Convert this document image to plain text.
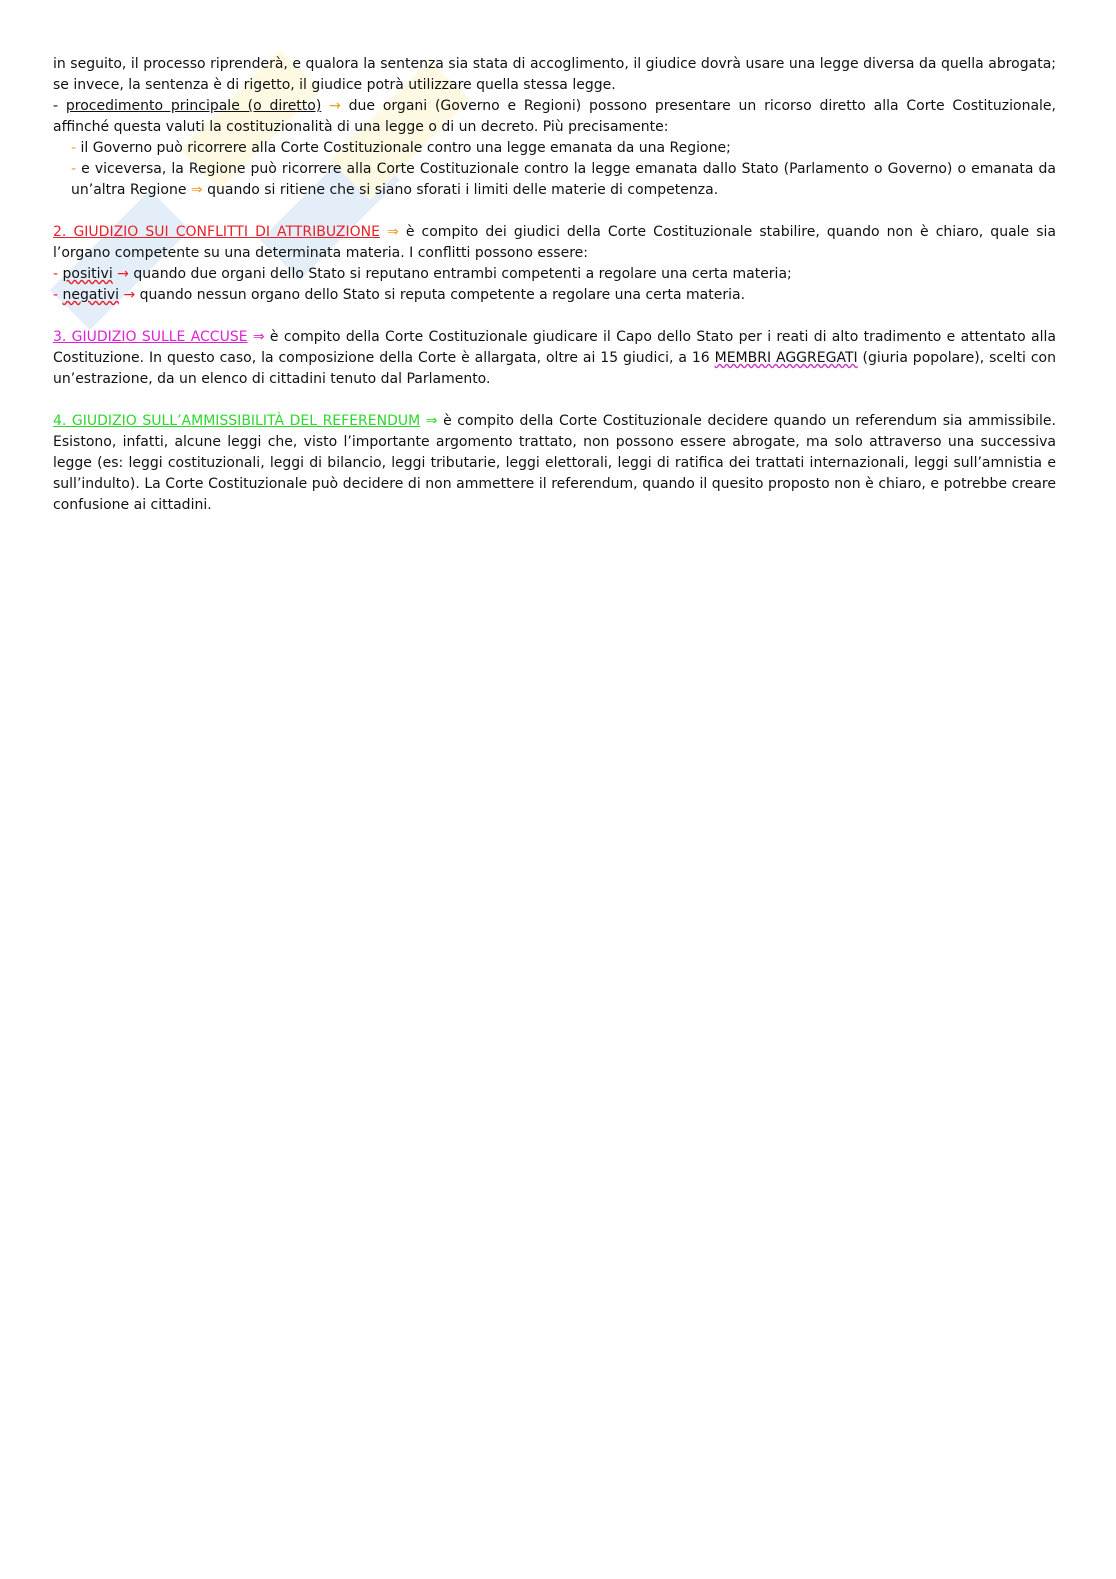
in seguito, il processo riprenderà, e qualora la sentenza sia stata di accoglimento, il giudice dovrà usare una legge diversa da quella abrogata; se invece, la sentenza è di rigetto, il giudice potrà utilizzare quella stessa legge.
- procedimento principale (o diretto) → due organi (Governo e Regioni) possono presentare un ricorso diretto alla Corte Costituzionale, affinché questa valuti la costituzionalità di una legge o di un decreto. Più precisamente:

- il Governo può ricorrere alla Corte Costituzionale contro una legge emanata da una Regione;

- e viceversa, la Regione può ricorrere alla Corte Costituzionale contro la legge emanata dallo Stato (Parlamento o Governo) o emanata da un’altra Regione ⇒ quando si ritiene che si siano sforati i limiti delle materie di competenza.

2. GIUDIZIO SUI CONFLITTI DI ATTRIBUZIONE ⇒ è compito dei giudici della Corte Costituzionale stabilire, quando non è chiaro, quale sia l’organo competente su una determinata materia. I conflitti possono essere:

- positivi → quando due organi dello Stato si reputano entrambi competenti a regolare una certa materia;

- negativi → quando nessun organo dello Stato si reputa competente a regolare una certa materia.

3. GIUDIZIO SULLE ACCUSE ⇒ è compito della Corte Costituzionale giudicare il Capo dello Stato per i reati di alto tradimento e attentato alla Costituzione. In questo caso, la composizione della Corte è allargata, oltre ai 15 giudici, a 16 MEMBRI AGGREGATI (giuria popolare), scelti con un’estrazione, da un elenco di cittadini tenuto dal Parlamento.

4. GIUDIZIO SULL’AMMISSIBILITÀ DEL REFERENDUM ⇒ è compito della Corte Costituzionale decidere quando un referendum sia ammissibile. Esistono, infatti, alcune leggi che, visto l’importante argomento trattato, non possono essere abrogate, ma solo attraverso una successiva legge (es: leggi costituzionali, leggi di bilancio, leggi tributarie, leggi elettorali, leggi di ratifica dei trattati internazionali, leggi sull’amnistia e sull’indulto). La Corte Costituzionale può decidere di non ammettere il referendum, quando il quesito proposto non è chiaro, e potrebbe creare confusione ai cittadini.
